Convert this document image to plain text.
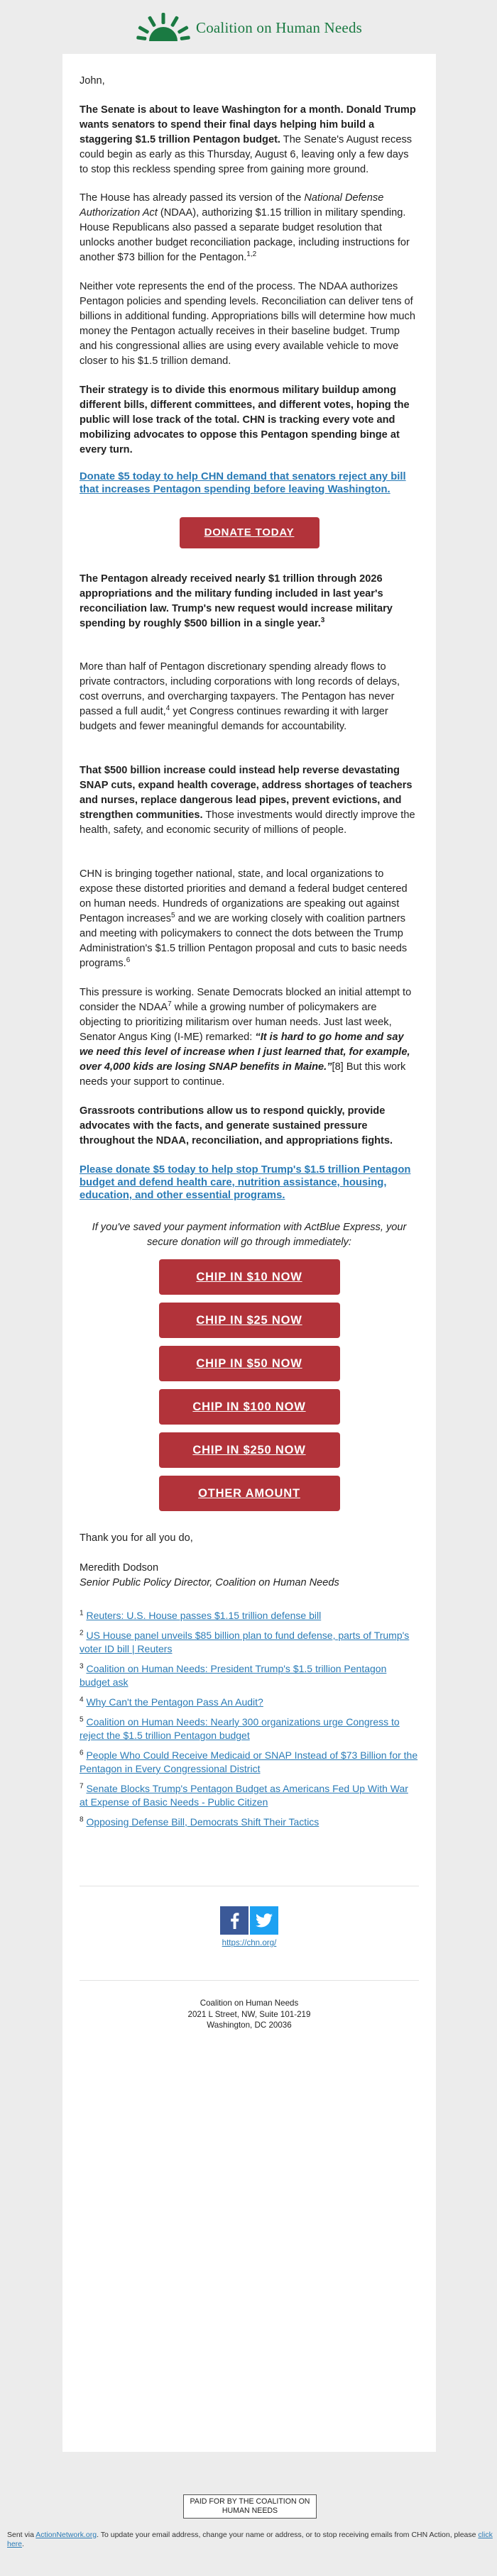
Coalition on Human Needs

John,

The Senate is about to leave Washington for a month. Donald Trump wants senators to spend their final days helping him build a staggering $1.5 trillion Pentagon budget. The Senate's August recess could begin as early as this Thursday, August 6, leaving only a few days to stop this reckless spending spree from gaining more ground.

The House has already passed its version of the National Defense Authorization Act (NDAA), authorizing $1.15 trillion in military spending. House Republicans also passed a separate budget resolution that unlocks another budget reconciliation package, including instructions for another $73 billion for the Pentagon.$^{1,2}$

Neither vote represents the end of the process. The NDAA authorizes Pentagon policies and spending levels. Reconciliation can deliver tens of billions in additional funding. Appropriations bills will determine how much money the Pentagon actually receives in their baseline budget. Trump and his congressional allies are using every available vehicle to move closer to his $1.5 trillion demand.

Their strategy is to divide this enormous military buildup among different bills, different committees, and different votes, hoping the public will lose track of the total. CHN is tracking every vote and mobilizing advocates to oppose this Pentagon spending binge at every turn.

Donate $5 today to help CHN demand that senators reject any bill that increases Pentagon spending before leaving Washington.
DONATE TODAY

The Pentagon already received nearly $1 trillion through 2026 appropriations and the military funding included in last year's reconciliation law. Trump's new request would increase military spending by roughly $500 billion in a single year.$^3$

More than half of Pentagon discretionary spending already flows to private contractors, including corporations with long records of delays, cost overruns, and overcharging taxpayers. The Pentagon has never passed a full audit,$^4$ yet Congress continues rewarding it with larger budgets and fewer meaningful demands for accountability.

That $500 billion increase could instead help reverse devastating SNAP cuts, expand health coverage, address shortages of teachers and nurses, replace dangerous lead pipes, prevent evictions, and strengthen communities. Those investments would directly improve the health, safety, and economic security of millions of people.

CHN is bringing together national, state, and local organizations to expose these distorted priorities and demand a federal budget centered on human needs. Hundreds of organizations are speaking out against Pentagon increases$^5$ and we are working closely with coalition partners and meeting with policymakers to connect the dots between the Trump Administration's $1.5 trillion Pentagon proposal and cuts to basic needs programs.$^6$

This pressure is working. Senate Democrats blocked an initial attempt to consider the NDAA$^7$ while a growing number of policymakers are objecting to prioritizing militarism over human needs. Just last week, Senator Angus King (I-ME) remarked: “It is hard to go home and say we need this level of increase when I just learned that, for example, over 4,000 kids are losing SNAP benefits in Maine.”[8] But this work needs your support to continue.

Grassroots contributions allow us to respond quickly, provide advocates with the facts, and generate sustained pressure throughout the NDAA, reconciliation, and appropriations fights.

Please donate $5 today to help stop Trump's $1.5 trillion Pentagon budget and defend health care, nutrition assistance, housing, education, and other essential programs.

If you've saved your payment information with ActBlue Express, your secure donation will go through immediately:

CHIP IN $10 NOW
CHIP IN $25 NOW
CHIP IN $50 NOW
CHIP IN $100 NOW
CHIP IN $250 NOW
OTHER AMOUNT

Thank you for all you do,

Meredith Dodson

Senior Public Policy Director, Coalition on Human Needs

$^1$ Reuters: U.S. House passes $1.15 trillion defense bill
$^2$ US House panel unveils $85 billion plan to fund defense, parts of Trump's voter ID bill | Reuters
$^3$ Coalition on Human Needs: President Trump's $1.5 trillion Pentagon budget ask
$^4$ Why Can't the Pentagon Pass An Audit?
$^5$ Coalition on Human Needs: Nearly 300 organizations urge Congress to reject the $1.5 trillion Pentagon budget
$^6$ People Who Could Receive Medicaid or SNAP Instead of $73 Billion for the Pentagon in Every Congressional District
$^7$ Senate Blocks Trump's Pentagon Budget as Americans Fed Up With War at Expense of Basic Needs - Public Citizen
$^8$ Opposing Defense Bill, Democrats Shift Their Tactics
https://chn.org/
Coalition on Human Needs
2021 L Street, NW, Suite 101-219
Washington, DC 20036
PAID FOR BY THE COALITION ON HUMAN NEEDS
Sent via ActionNetwork.org. To update your email address, change your name or address, or to stop receiving emails from CHN Action, please click here.
